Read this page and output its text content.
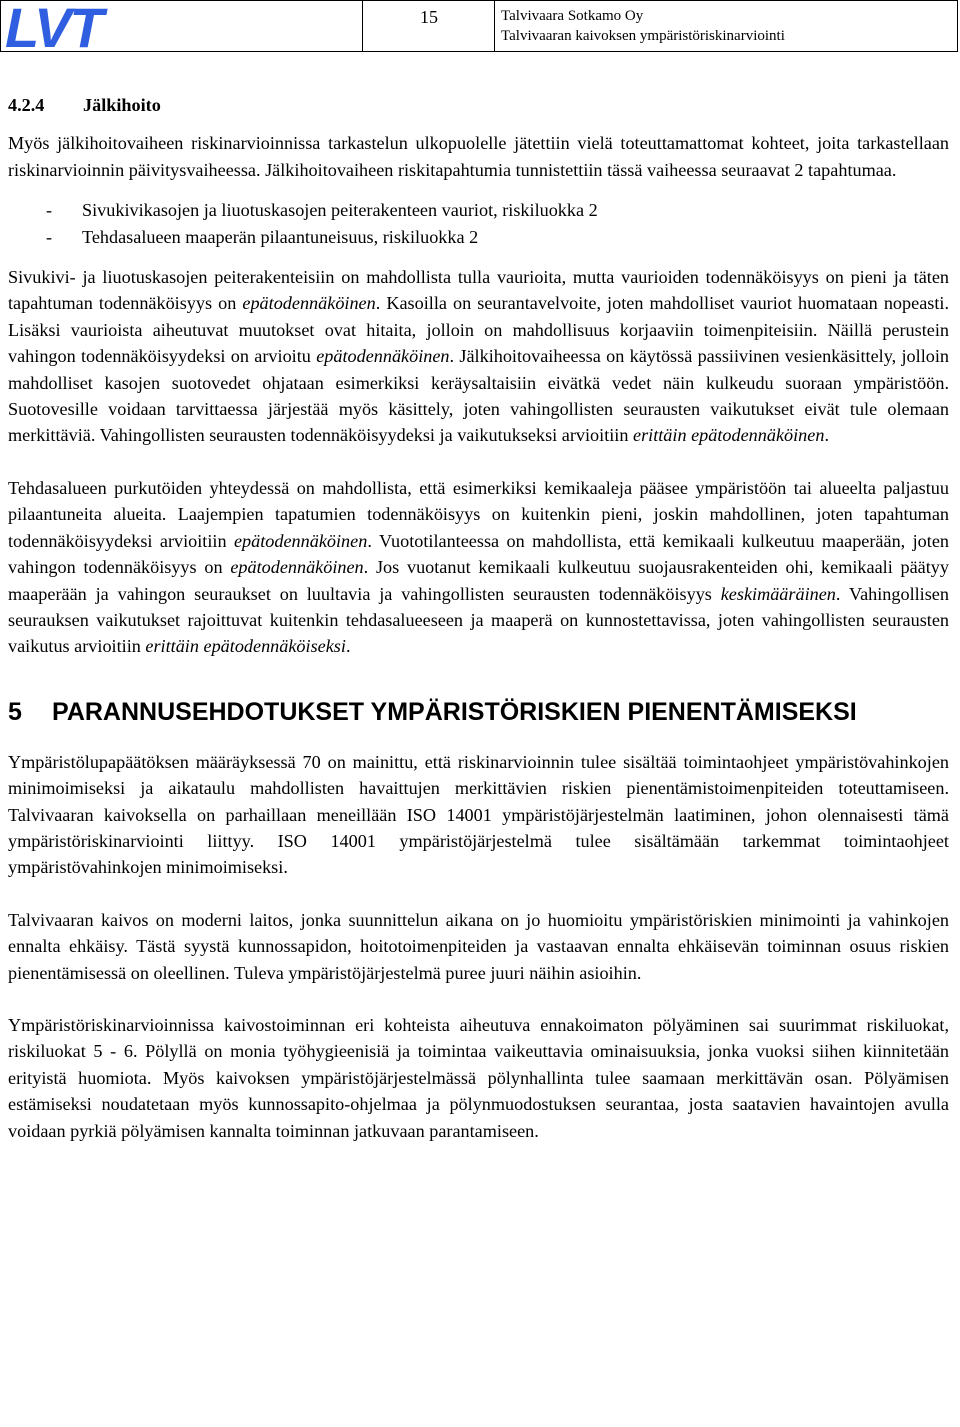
LVT	15	Talvivaara Sotkamo Oy
Talvivaaran kaivoksen ympäristöriskinarviointi
4.2.4 Jälkihoito

Myös jälkihoitovaiheen riskinarvioinnissa tarkastelun ulkopuolelle jätettiin vielä toteuttamattomat kohteet, joita tarkastellaan riskinarvioinnin päivitysvaiheessa. Jälkihoitovaiheen riskitapahtumia tunnistettiin tässä vaiheessa seuraavat 2 tapahtumaa.

- Sivukivikasojen ja liuotuskasojen peiterakenteen vauriot, riskiluokka 2
- Tehdasalueen maaperän pilaantuneisuus, riskiluokka 2

Sivukivi- ja liuotuskasojen peiterakenteisiin on mahdollista tulla vaurioita, mutta vaurioiden todennäköisyys on pieni ja täten tapahtuman todennäköisyys on epätodennäköinen. Kasoilla on seurantavelvoite, joten mahdolliset vauriot huomataan nopeasti. Lisäksi vaurioista aiheutuvat muutokset ovat hitaita, jolloin on mahdollisuus korjaaviin toimenpiteisiin. Näillä perustein vahingon todennäköisyydeksi on arvioitu epätodennäköinen. Jälkihoitovaiheessa on käytössä passiivinen vesienkäsittely, jolloin mahdolliset kasojen suotovedet ohjataan esimerkiksi keräysaltaisiin eivätkä vedet näin kulkeudu suoraan ympäristöön. Suotovesille voidaan tarvittaessa järjestää myös käsittely, joten vahingollisten seurausten vaikutukset eivät tule olemaan merkittäviä. Vahingollisten seurausten todennäköisyydeksi ja vaikutukseksi arvioitiin erittäin epätodennäköinen.

Tehdasalueen purkutöiden yhteydessä on mahdollista, että esimerkiksi kemikaaleja pääsee ympäristöön tai alueelta paljastuu pilaantuneita alueita. Laajempien tapatumien todennäköisyys on kuitenkin pieni, joskin mahdollinen, joten tapahtuman todennäköisyydeksi arvioitiin epätodennäköinen. Vuototilanteessa on mahdollista, että kemikaali kulkeutuu maaperään, joten vahingon todennäköisyys on epätodennäköinen. Jos vuotanut kemikaali kulkeutuu suojausrakenteiden ohi, kemikaali päätyy maaperään ja vahingon seuraukset on luultavia ja vahingollisten seurausten todennäköisyys keskimääräinen. Vahingollisen seurauksen vaikutukset rajoittuvat kuitenkin tehdasalueeseen ja maaperä on kunnostettavissa, joten vahingollisten seurausten vaikutus arvioitiin erittäin epätodennäköiseksi.

5	PARANNUSEHDOTUKSET YMPÄRISTÖRISKIEN PIENENTÄMISEKSI

Ympäristölupapäätöksen määräyksessä 70 on mainittu, että riskinarvioinnin tulee sisältää toimintaohjeet ympäristövahinkojen minimoimiseksi ja aikataulu mahdollisten havaittujen merkittävien riskien pienentämistoimenpiteiden toteuttamiseen. Talvivaaran kaivoksella on parhaillaan meneillään ISO 14001 ympäristöjärjestelmän laatiminen, johon olennaisesti tämä ympäristöriskinarviointi liittyy. ISO 14001 ympäristöjärjestelmä tulee sisältämään tarkemmat toimintaohjeet ympäristövahinkojen minimoimiseksi.

Talvivaaran kaivos on moderni laitos, jonka suunnittelun aikana on jo huomioitu ympäristöriskien minimointi ja vahinkojen ennalta ehkäisy. Tästä syystä kunnossapidon, hoitotoimenpiteiden ja vastaavan ennalta ehkäisevän toiminnan osuus riskien pienentämisessä on oleellinen. Tuleva ympäristöjärjestelmä puree juuri näihin asioihin.

Ympäristöriskinarvioinnissa kaivostoiminnan eri kohteista aiheutuva ennakoimaton pölyäminen sai suurimmat riskiluokat, riskiluokat 5 - 6. Pölyllä on monia työhygieenisiä ja toimintaa vaikeuttavia ominaisuuksia, jonka vuoksi siihen kiinnitetään erityistä huomiota. Myös kaivoksen ympäristöjärjestelmässä pölynhallinta tulee saamaan merkittävän osan. Pölyämisen estämiseksi noudatetaan myös kunnossapito-ohjelmaa ja pölynmuodostuksen seurantaa, josta saatavien havaintojen avulla voidaan pyrkiä pölyämisen kannalta toiminnan jatkuvaan parantamiseen.
